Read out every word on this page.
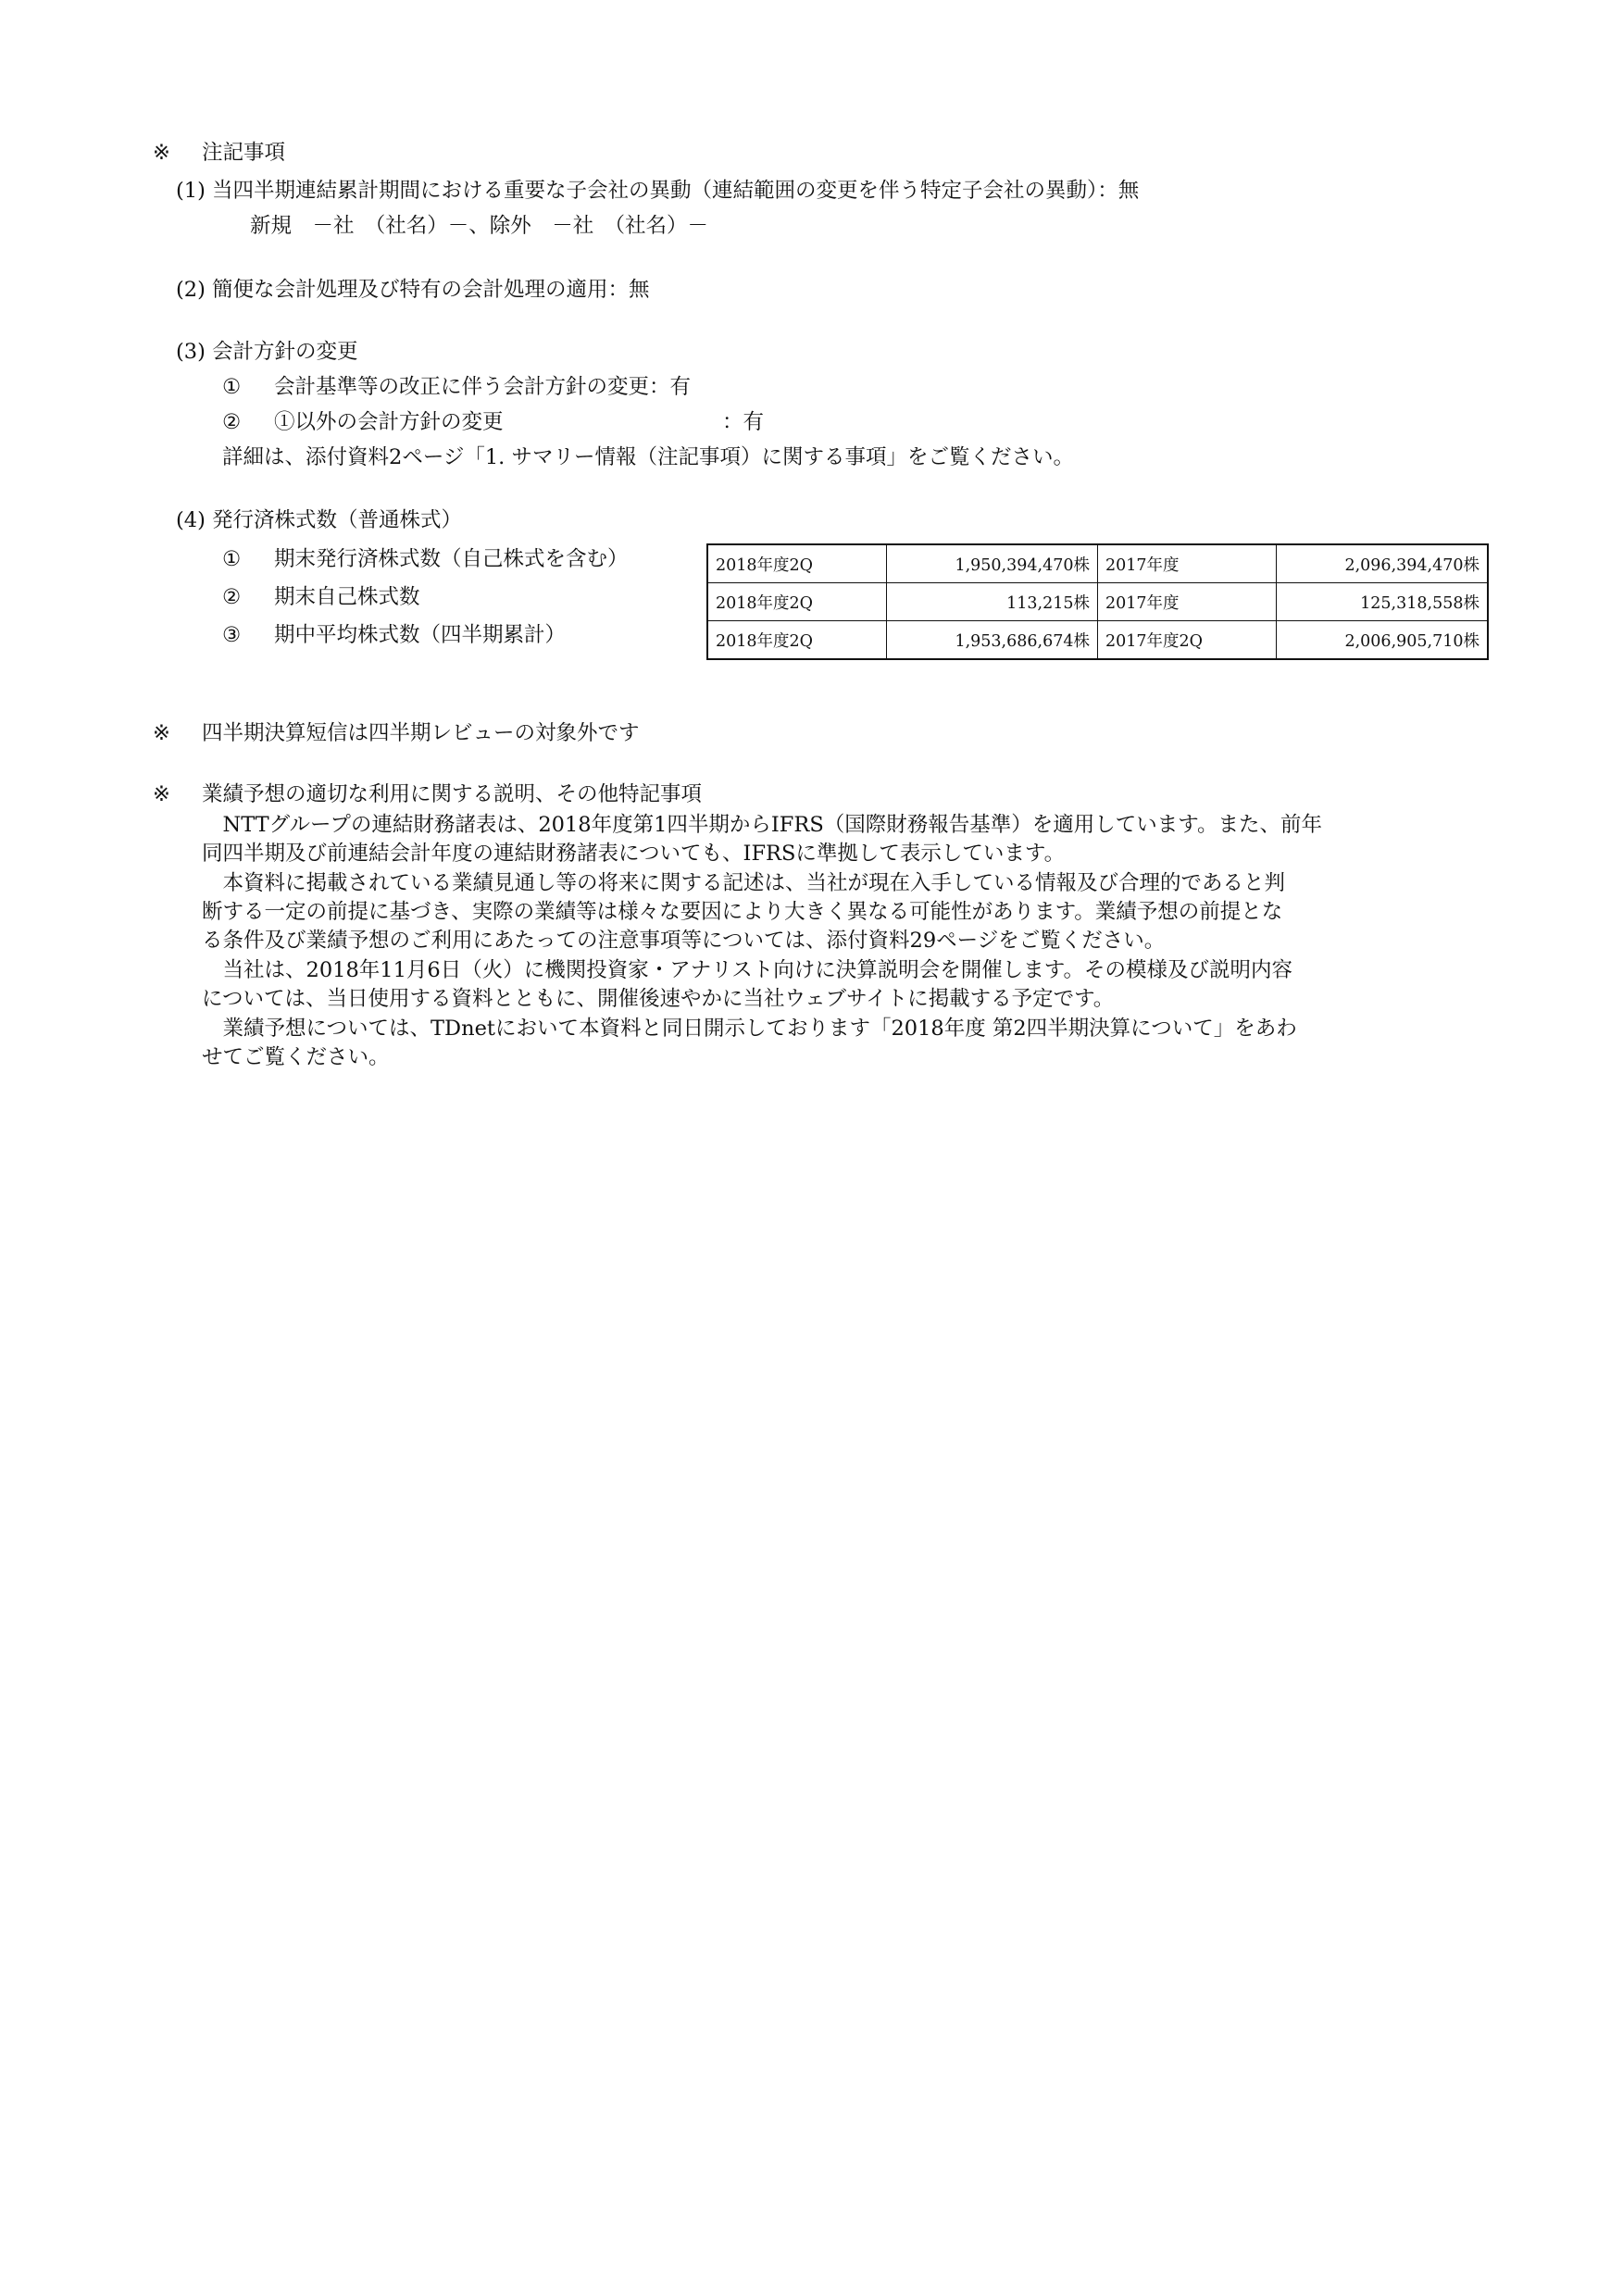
※ 注記事項
(1) 当四半期連結累計期間における重要な子会社の異動（連結範囲の変更を伴う特定子会社の異動）：無
新規　－社　（社名）－、除外　－社　（社名）－
(2) 簡便な会計処理及び特有の会計処理の適用：無
(3) 会計方針の変更
① 会計基準等の改正に伴う会計方針の変更：有
② ①以外の会計方針の変更	：有
詳細は、添付資料2ページ「1. サマリー情報（注記事項）に関する事項」をご覧ください。
(4) 発行済株式数（普通株式）
① 期末発行済株式数（自己株式を含む）
② 期末自己株式数
③ 期中平均株式数（四半期累計）
2018年度2Q	1,950,394,470株	2017年度	2,096,394,470株
2018年度2Q	113,215株	2017年度	125,318,558株
2018年度2Q	1,953,686,674株	2017年度2Q	2,006,905,710株
※ 四半期決算短信は四半期レビューの対象外です
※ 業績予想の適切な利用に関する説明、その他特記事項
　NTTグループの連結財務諸表は、2018年度第1四半期からIFRS（国際財務報告基準）を適用しています。また、前年
同四半期及び前連結会計年度の連結財務諸表についても、IFRSに準拠して表示しています。
　本資料に掲載されている業績見通し等の将来に関する記述は、当社が現在入手している情報及び合理的であると判
断する一定の前提に基づき、実際の業績等は様々な要因により大きく異なる可能性があります。業績予想の前提とな
る条件及び業績予想のご利用にあたっての注意事項等については、添付資料29ページをご覧ください。
　当社は、2018年11月6日（火）に機関投資家・アナリスト向けに決算説明会を開催します。その模様及び説明内容
については、当日使用する資料とともに、開催後速やかに当社ウェブサイトに掲載する予定です。
　業績予想については、TDnetにおいて本資料と同日開示しております「2018年度 第2四半期決算について」をあわ
せてご覧ください。
